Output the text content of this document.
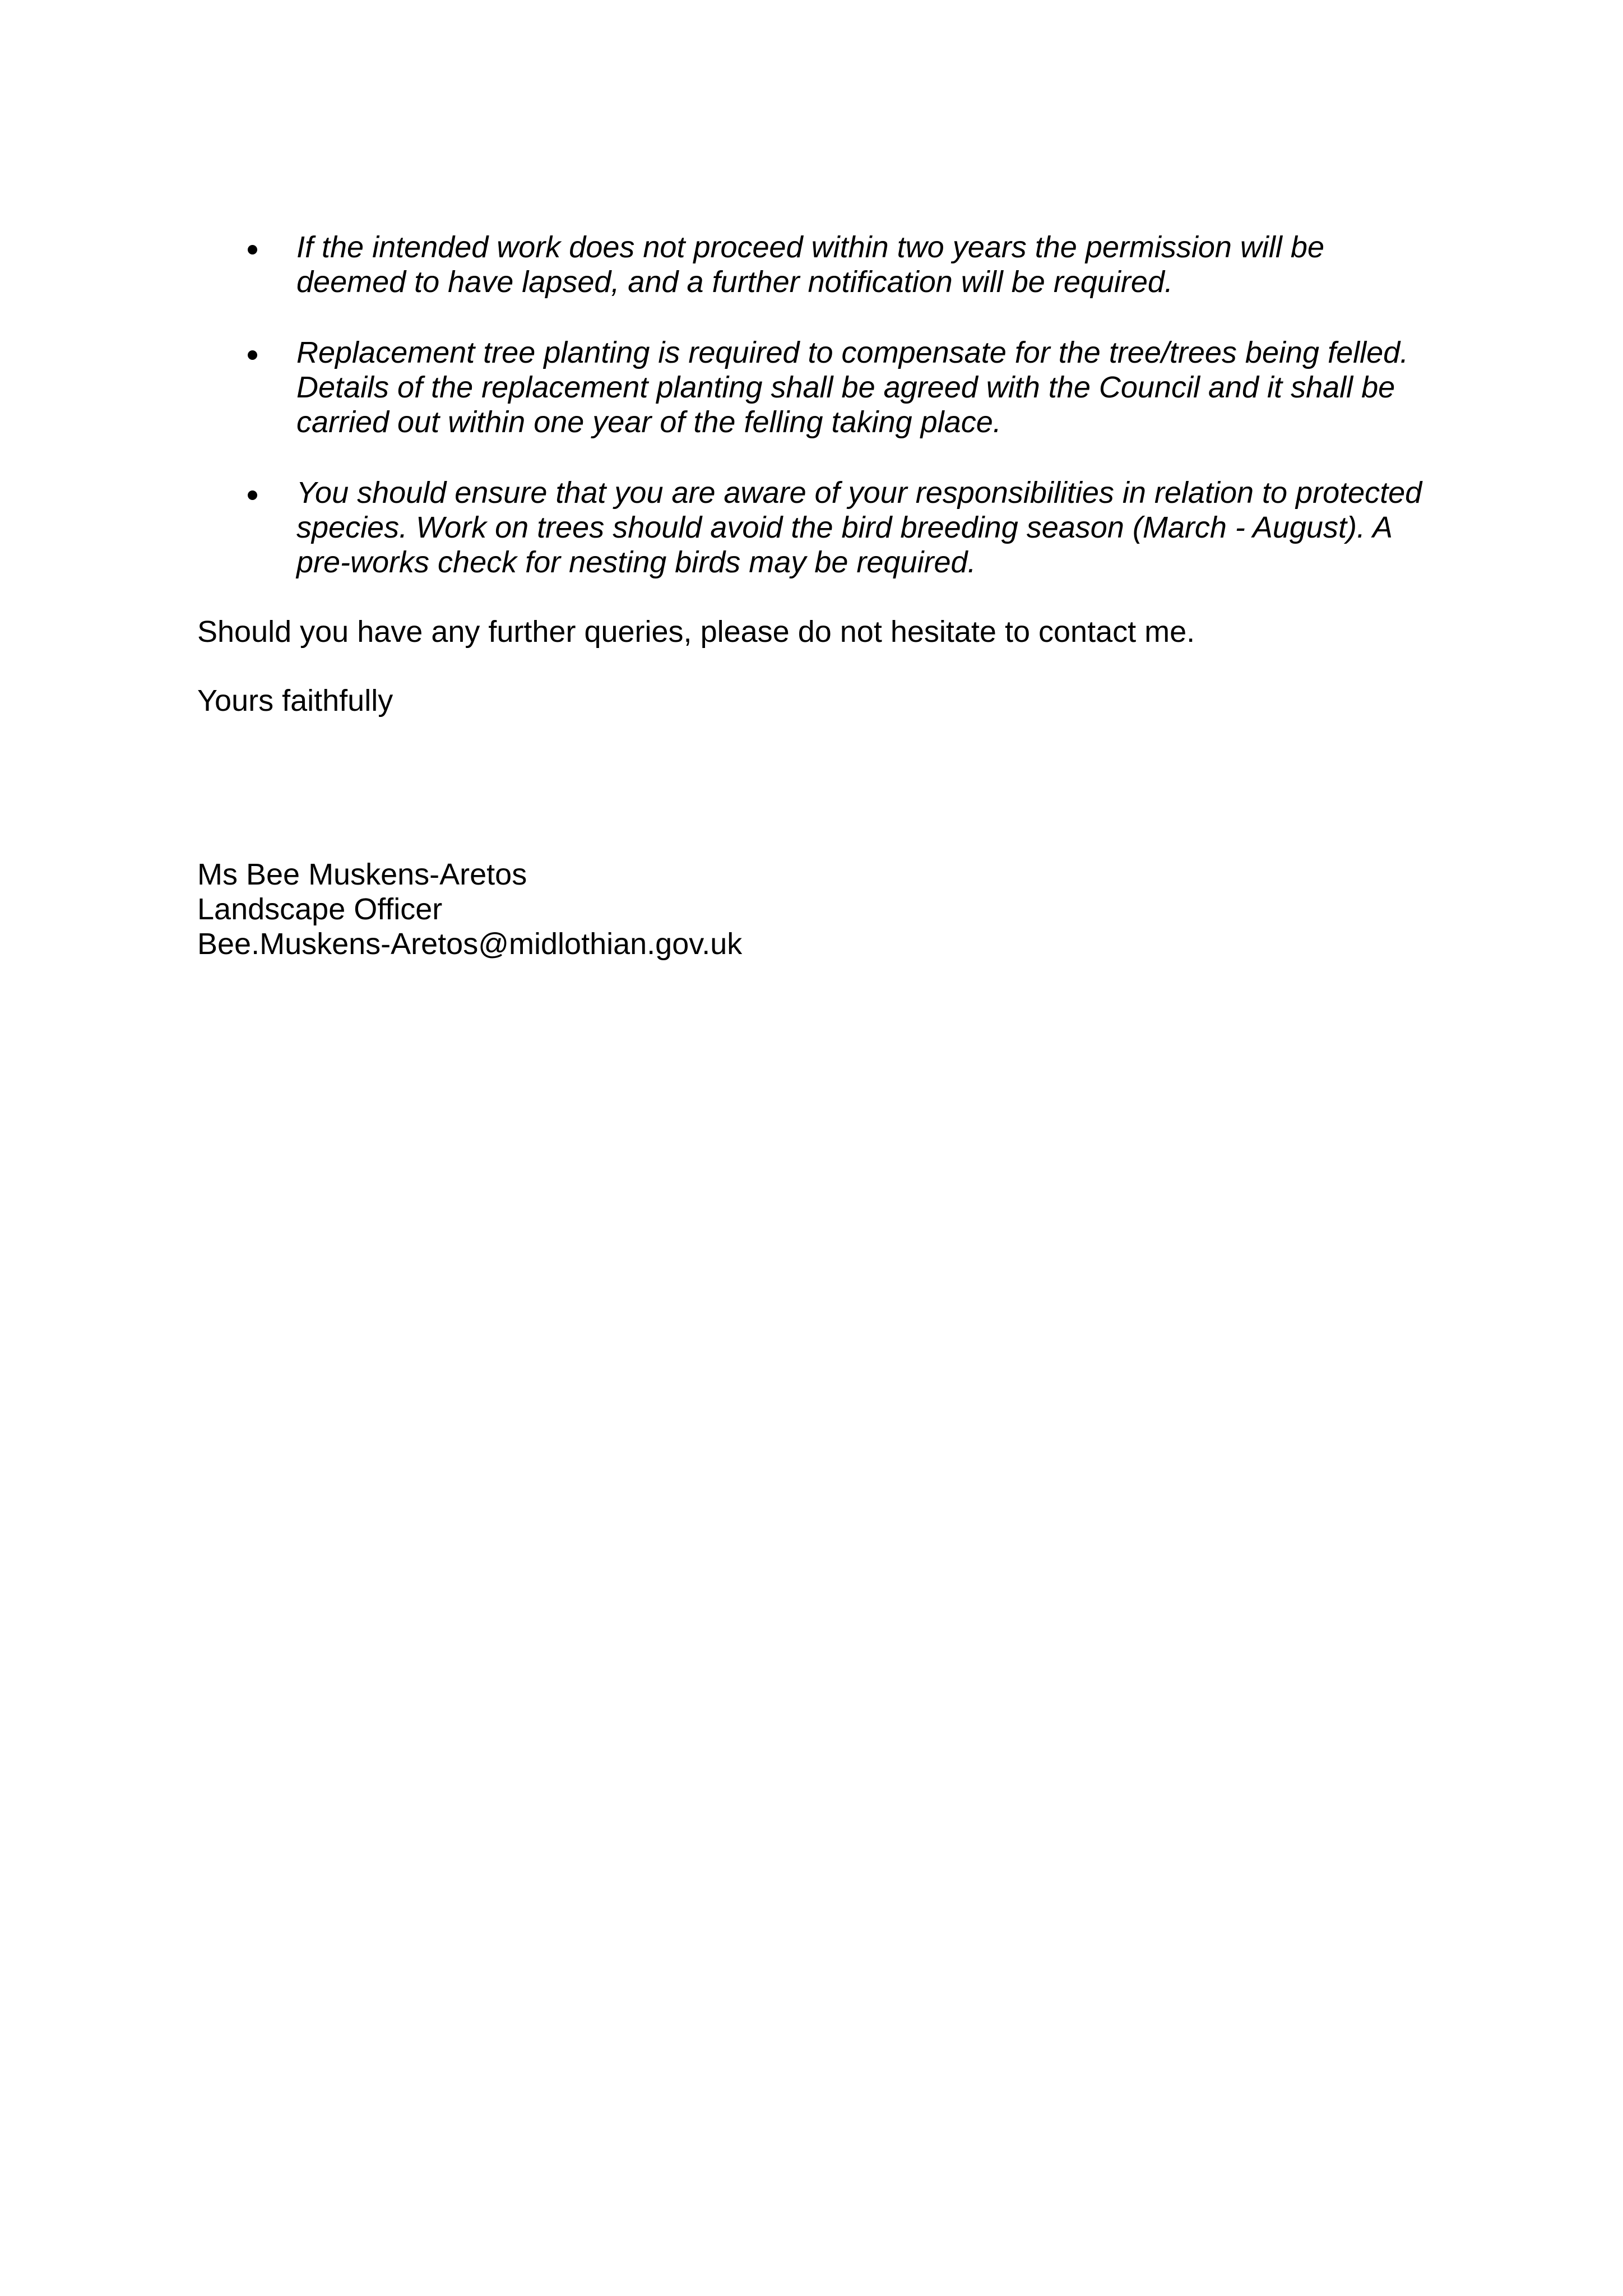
If the intended work does not proceed within two years the permission will be
deemed to have lapsed, and a further notification will be required.

Replacement tree planting is required to compensate for the tree/trees being felled.
Details of the replacement planting shall be agreed with the Council and it shall be
carried out within one year of the felling taking place.

You should ensure that you are aware of your responsibilities in relation to protected
species. Work on trees should avoid the bird breeding season (March - August). A
pre-works check for nesting birds may be required.

Should you have any further queries, please do not hesitate to contact me.

Yours faithfully

Ms Bee Muskens-Aretos
Landscape Officer
Bee.Muskens-Aretos@midlothian.gov.uk
